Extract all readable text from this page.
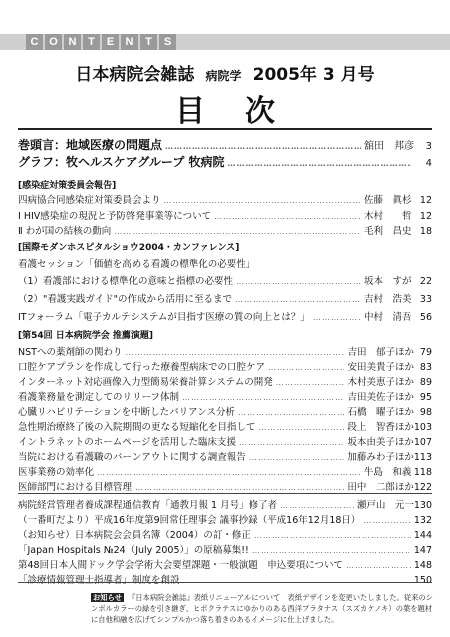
C O N	T	E	N	T	S
日本病院会雑誌 病院学 2005年 3 月号
目次
巻頭言：地域医療の問題点 ……………………………………………………………………………………………………………………………………………………………………	舘田　邦彦	3
グラフ：牧ヘルスケアグループ 牧病院 ……………………………………………………………………………………………………………………………………………………………………	4
[ 感染症対策委員会報告 ]
四病協合同感染症対策委員会より ……………………………………………………………………………………………………………………………………………………………………	佐藤　眞杉 12
Ⅰ HIV感染症の現況と予防啓発事業等について ……………………………………………………………………………………………………………………………………………………………………	木村　　哲 12
Ⅱ わが国の結核の動向 ……………………………………………………………………………………………………………………………………………………………………	毛利　昌史 18
[ 国際モダンホスピタルショウ2004・カンファレンス ]
看護セッション「価値を高める看護の標準化の必要性」
（1）看護部における標準化の意味と指標の必要性 ……………………………………………………………………………………………………………………………………………………………………	坂本　すが 22
（2）"看護実践ガイド"の作成から活用に至るまで ……………………………………………………………………………………………………………………………………………………………………	吉村　浩美 33
ITフォーラム「電子カルテシステムが目指す医療の質の向上とは？」 ……………………………………………………………………………………………………………………………………………………………………	中村　清吾 56
[ 第54回 日本病院学会 推薦演題 ]
NSTへの薬剤師の関わり ……………………………………………………………………………………………………………………………………………………………………	吉田　郁子ほか 79
口腔ケアプランを作成して行った療養型病床での口腔ケア ……………………………………………………………………………………………………………………………………………………………………	安田美貴子ほか 83
インターネット対応画像入力型簡易栄養計算システムの開発 ……………………………………………………………………………………………………………………………………………………………………	木村美恵子ほか 89
看護業務量を測定してのリリーフ体制 ……………………………………………………………………………………………………………………………………………………………………	吉田美佐子ほか 95
心臓リハビリテーションを中断したバリアンス分析 ……………………………………………………………………………………………………………………………………………………………………	石橋　曜子ほか 98
急性期治療終了後の入院期間の更なる短縮化を目指して ……………………………………………………………………………………………………………………………………………………………………	段上　智香ほか 103
イントラネットのホームページを活用した臨床支援 ……………………………………………………………………………………………………………………………………………………………………	坂本由美子ほか 107
当院における看護職のバーンアウトに関する調査報告 ……………………………………………………………………………………………………………………………………………………………………	加藤みわ子ほか 113
医事業務の効率化 ……………………………………………………………………………………………………………………………………………………………………	牛島　和義 118
医師部門における目標管理 ……………………………………………………………………………………………………………………………………………………………………	田中　二郎ほか 122
病院経営管理者養成課程通信教育「通教月報 1 月号」修了者 ……………………………………………………………………………………………………………………………………………………………………	瀬戸山　元一 130
（一番町だより）平成16年度第9回常任理事会 議事抄録（平成16年12月18日） ……………………………………………………………………………………………………………………………………………………………………	132
（お知らせ）日本病院会会員名簿（2004）の訂・修正 ……………………………………………………………………………………………………………………………………………………………………	144
「Japan Hospitals №24（July 2005）」の原稿募集!! ……………………………………………………………………………………………………………………………………………………………………	147
第48回日本人間ドック学会学術大会要望課題・一般演題　申込要項について ……………………………………………………………………………………………………………………………………………………………………	148
「診療情報管理士指導者」制度を創設 ……………………………………………………………………………………………………………………………………………………………………	150
お知らせ 『日本病院会雑誌』表紙リニューアルについて　表紙デザインを変更いたしました。従来のシンボルカラーの緑を引き継ぎ、ヒポクラテスにゆかりのある西洋プラタナス（スズカケノキ）の葉を題材に自他和融を広げてシンプルかつ落ち着きのあるイメージに仕上げました。
